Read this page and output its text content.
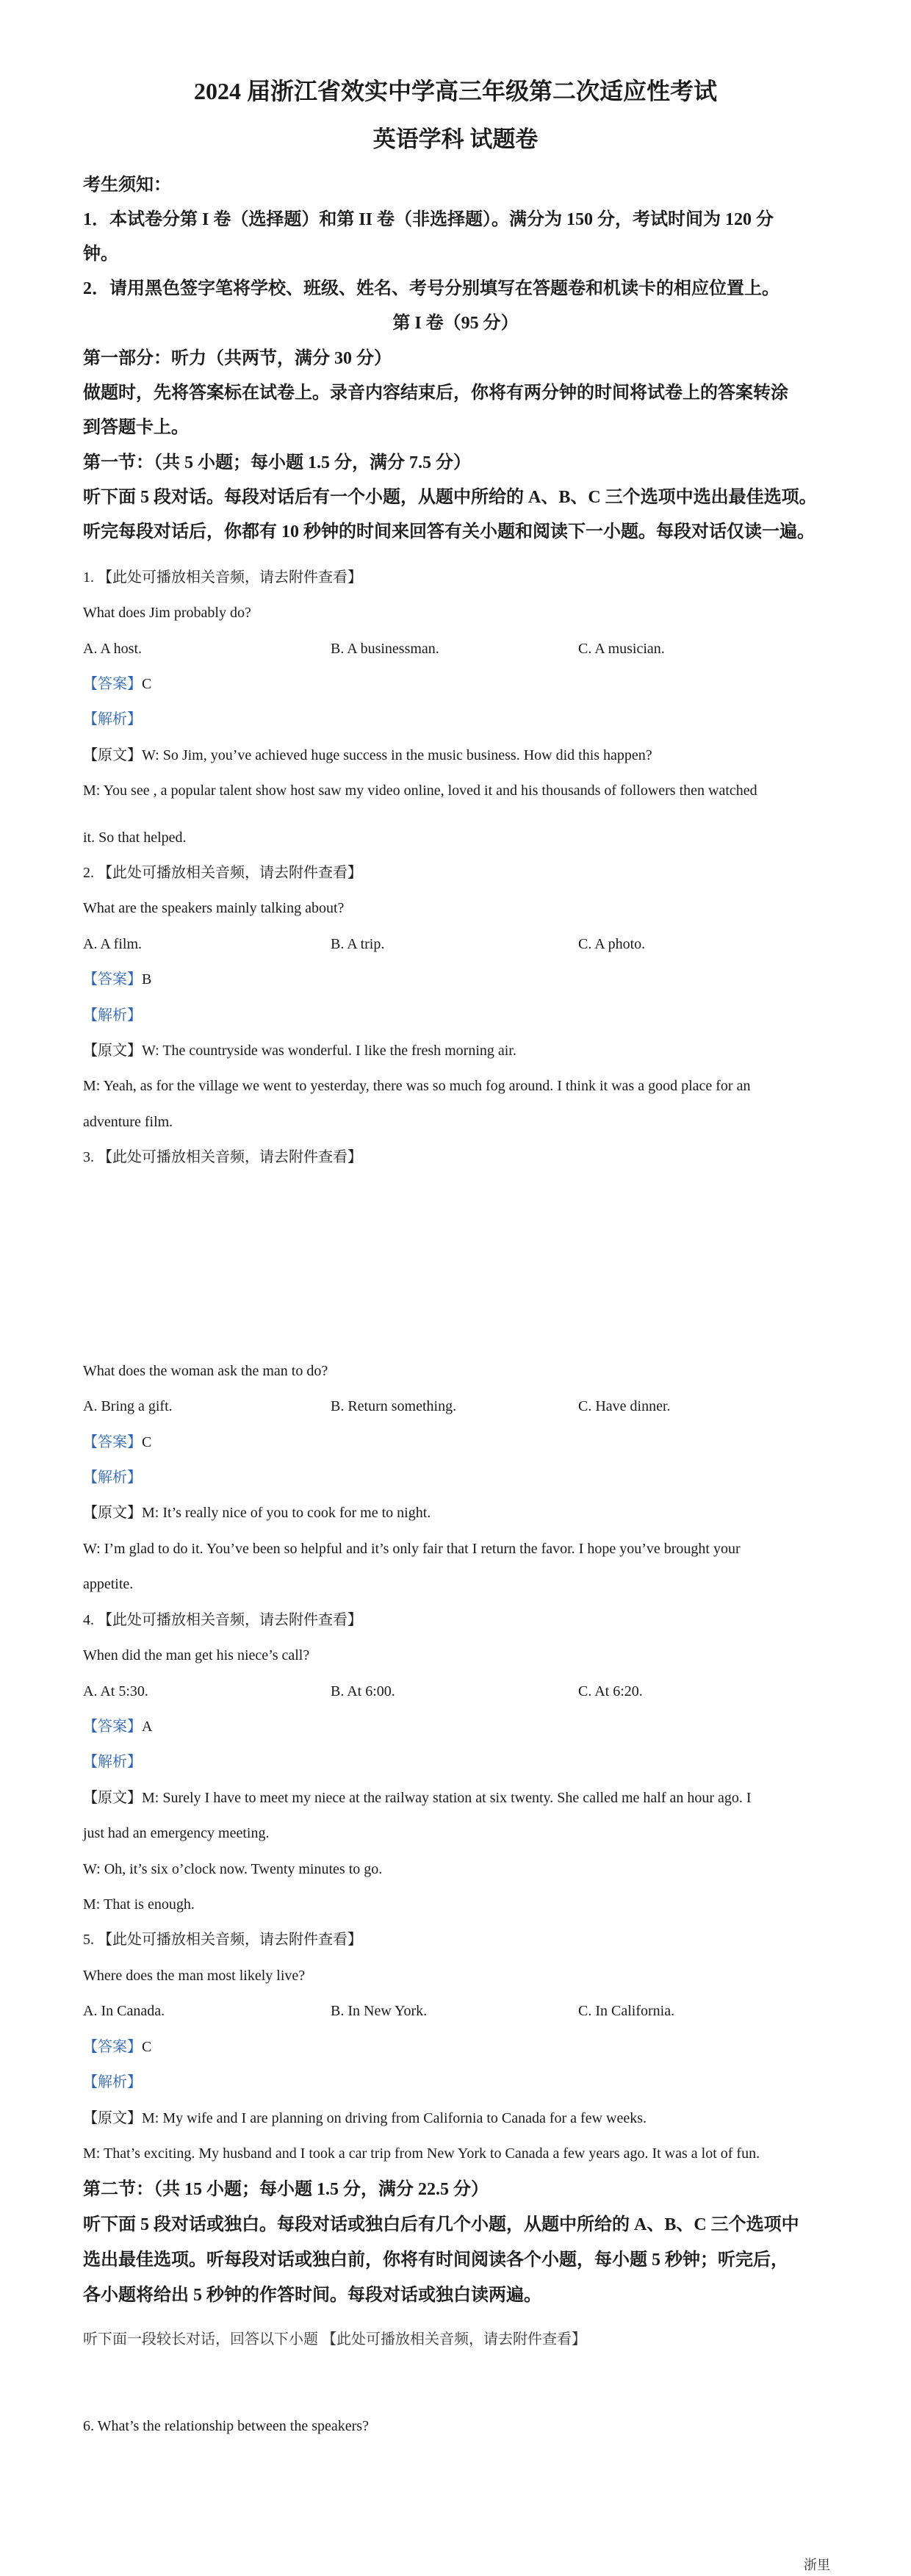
2024 届浙江省效实中学高三年级第二次适应性考试
英语学科 试题卷
考生须知：
1．本试卷分第 I 卷（选择题）和第 II 卷（非选择题）。满分为 150 分，考试时间为 120 分
钟。
2．请用黑色签字笔将学校、班级、姓名、考号分别填写在答题卷和机读卡的相应位置上。
第 I 卷（95 分）
第一部分：听力（共两节，满分 30 分）
做题时，先将答案标在试卷上。录音内容结束后，你将有两分钟的时间将试卷上的答案转涂
到答题卡上。
第一节：（共 5 小题；每小题 1.5 分，满分 7.5 分）
听下面 5 段对话。每段对话后有一个小题，从题中所给的 A、B、C 三个选项中选出最佳选项。
听完每段对话后，你都有 10 秒钟的时间来回答有关小题和阅读下一小题。每段对话仅读一遍。
1. 【此处可播放相关音频，请去附件查看】
What does Jim probably do?
A. A host.	B. A businessman.	C. A musician.
【答案】C
【解析】
【原文】W: So Jim, you’ve achieved huge success in the music business. How did this happen?
M: You see , a popular talent show host saw my video online, loved it and his thousands of followers then watched
it. So that helped.
2. 【此处可播放相关音频，请去附件查看】
What are the speakers mainly talking about?
A. A film.	B. A trip.	C. A photo.
【答案】B
【解析】
【原文】W: The countryside was wonderful. I like the fresh morning air.
M: Yeah, as for the village we went to yesterday, there was so much fog around. I think it was a good place for an
adventure film.
3. 【此处可播放相关音频，请去附件查看】
What does the woman ask the man to do?
A. Bring a gift.	B. Return something.	C. Have dinner.
【答案】C
【解析】
【原文】M: It’s really nice of you to cook for me to night.
W: I’m glad to do it. You’ve been so helpful and it’s only fair that I return the favor. I hope you’ve brought your
appetite.
4. 【此处可播放相关音频，请去附件查看】
When did the man get his niece’s call?
A. At 5:30.	B. At 6:00.	C. At 6:20.
【答案】A
【解析】
【原文】M: Surely I have to meet my niece at the railway station at six twenty. She called me half an hour ago. I
just had an emergency meeting.
W: Oh, it’s six o’clock now. Twenty minutes to go.
M: That is enough.
5. 【此处可播放相关音频，请去附件查看】
Where does the man most likely live?
A. In Canada.	B. In New York.	C. In California.
【答案】C
【解析】
【原文】M: My wife and I are planning on driving from California to Canada for a few weeks.
M: That’s exciting. My husband and I took a car trip from New York to Canada a few years ago. It was a lot of fun.
第二节：（共 15 小题；每小题 1.5 分，满分 22.5 分）
听下面 5 段对话或独白。每段对话或独白后有几个小题，从题中所给的 A、B、C 三个选项中
选出最佳选项。听每段对话或独白前，你将有时间阅读各个小题，每小题 5 秒钟；听完后，
各小题将给出 5 秒钟的作答时间。每段对话或独白读两遍。
听下面一段较长对话，回答以下小题 【此处可播放相关音频，请去附件查看】
6. What’s the relationship between the speakers?
浙里
